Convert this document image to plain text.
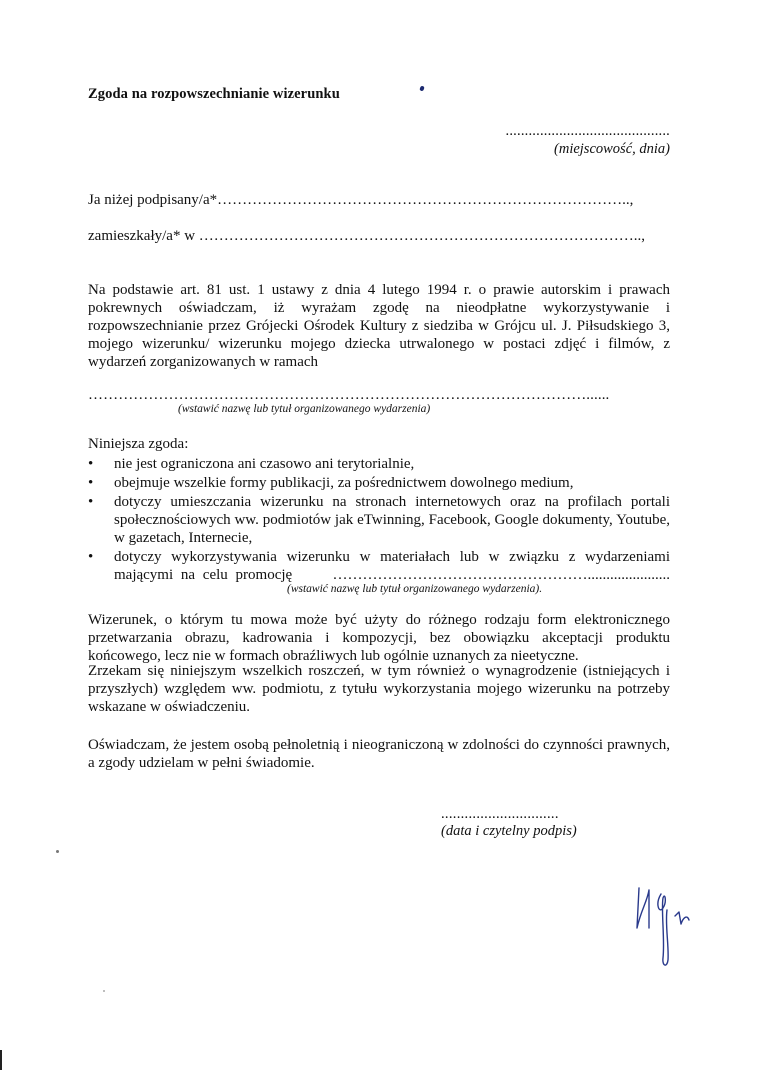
Zgoda na rozpowszechnianie wizerunku
...........................................
(miejscowość, dnia)
Ja niżej podpisany/a*………………………………………………………………………..,
zamieszkały/a* w ……………………………………………………………………………..,
Na podstawie art. 81 ust. 1 ustawy z dnia 4 lutego 1994 r. o prawie autorskim i prawach pokrewnych oświadczam, iż wyrażam zgodę na nieodpłatne wykorzystywanie i rozpowszechnianie przez Grójecki Ośrodek Kultury z siedziba w Grójcu ul. J. Piłsudskiego 3, mojego wizerunku/ wizerunku mojego dziecka utrwalonego w postaci zdjęć i filmów, z wydarzeń zorganizowanych w ramach
………………………………………………………………………………………......
(wstawić nazwę lub tytuł organizowanego wydarzenia)
Niniejsza zgoda:
• nie jest ograniczona ani czasowo ani terytorialnie,
• obejmuje wszelkie formy publikacji, za pośrednictwem dowolnego medium,
• dotyczy umieszczania wizerunku na stronach internetowych oraz na profilach portali społecznościowych ww. podmiotów jak eTwinning, Facebook, Google dokumenty, Youtube, w gazetach, Internecie,
• dotyczy wykorzystywania wizerunku w materiałach lub w związku z wydarzeniami
mającymi na celu promocję	……………………………………………......................
(wstawić nazwę lub tytuł organizowanego wydarzenia).
Wizerunek, o którym tu mowa może być użyty do różnego rodzaju form elektronicznego przetwarzania obrazu, kadrowania i kompozycji, bez obowiązku akceptacji produktu końcowego, lecz nie w formach obraźliwych lub ogólnie uznanych za nieetyczne.
Zrzekam się niniejszym wszelkich roszczeń, w tym również o wynagrodzenie (istniejących i przyszłych) względem ww. podmiotu, z tytułu wykorzystania mojego wizerunku na potrzeby wskazane w oświadczeniu.
Oświadczam, że jestem osobą pełnoletnią i nieograniczoną w zdolności do czynności prawnych, a zgody udzielam w pełni świadomie.
..............................
(data i czytelny podpis)
